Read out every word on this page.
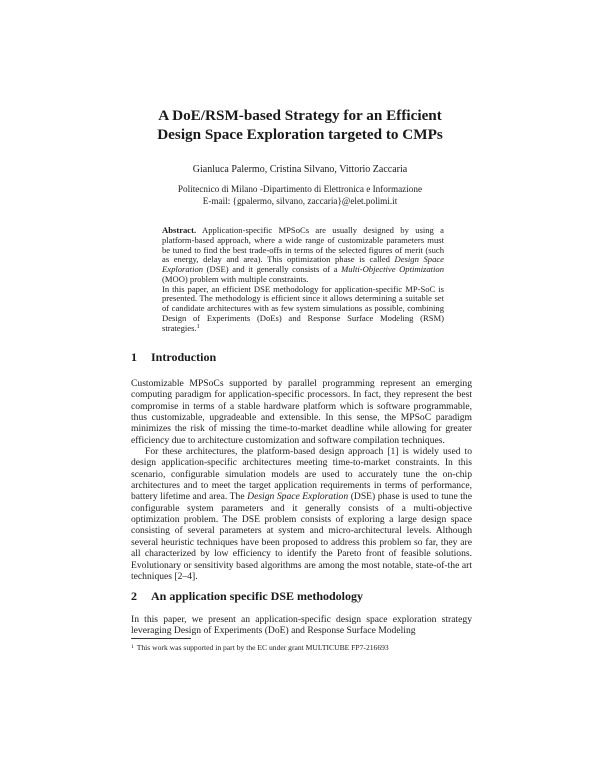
A DoE/RSM-based Strategy for an Efficient
Design Space Exploration targeted to CMPs
Gianluca Palermo, Cristina Silvano, Vittorio Zaccaria
Politecnico di Milano -Dipartimento di Elettronica e Informazione
E-mail: {gpalermo, silvano, zaccaria}@elet.polimi.it

Abstract. Application-specific MPSoCs are usually designed by using a platform-based approach, where a wide range of customizable parameters must be tuned to find the best trade-offs in terms of the selected figures of merit (such as energy, delay and area). This optimization phase is called Design Space Exploration (DSE) and it generally consists of a Multi-Objective Optimization (MOO) problem with multiple constraints.

In this paper, an efficient DSE methodology for application-specific MP-SoC is presented. The methodology is efficient since it allows determining a suitable set of candidate architectures with as few system simulations as possible, combining Design of Experiments (DoEs) and Response Surface Modeling (RSM) strategies.$^1$

1 Introduction

Customizable MPSoCs supported by parallel programming represent an emerging computing paradigm for application-specific processors. In fact, they represent the best compromise in terms of a stable hardware platform which is software programmable, thus customizable, upgradeable and extensible. In this sense, the MPSoC paradigm minimizes the risk of missing the time-to-market deadline while allowing for greater efficiency due to architecture customization and software compilation techniques.

For these architectures, the platform-based design approach [1] is widely used to design application-specific architectures meeting time-to-market constraints. In this scenario, configurable simulation models are used to accurately tune the on-chip architectures and to meet the target application requirements in terms of performance, battery lifetime and area. The Design Space Exploration (DSE) phase is used to tune the configurable system parameters and it generally consists of a multi-objective optimization problem. The DSE problem consists of exploring a large design space consisting of several parameters at system and micro-architectural levels. Although several heuristic techniques have been proposed to address this problem so far, they are all characterized by low efficiency to identify the Pareto front of feasible solutions. Evolutionary or sensitivity based algorithms are among the most notable, state-of-the art techniques [2–4].

2 An application specific DSE methodology

In this paper, we present an application-specific design space exploration strategy leveraging Design of Experiments (DoE) and Response Surface Modeling

$^1$ This work was supported in part by the EC under grant MULTICUBE FP7-216693
